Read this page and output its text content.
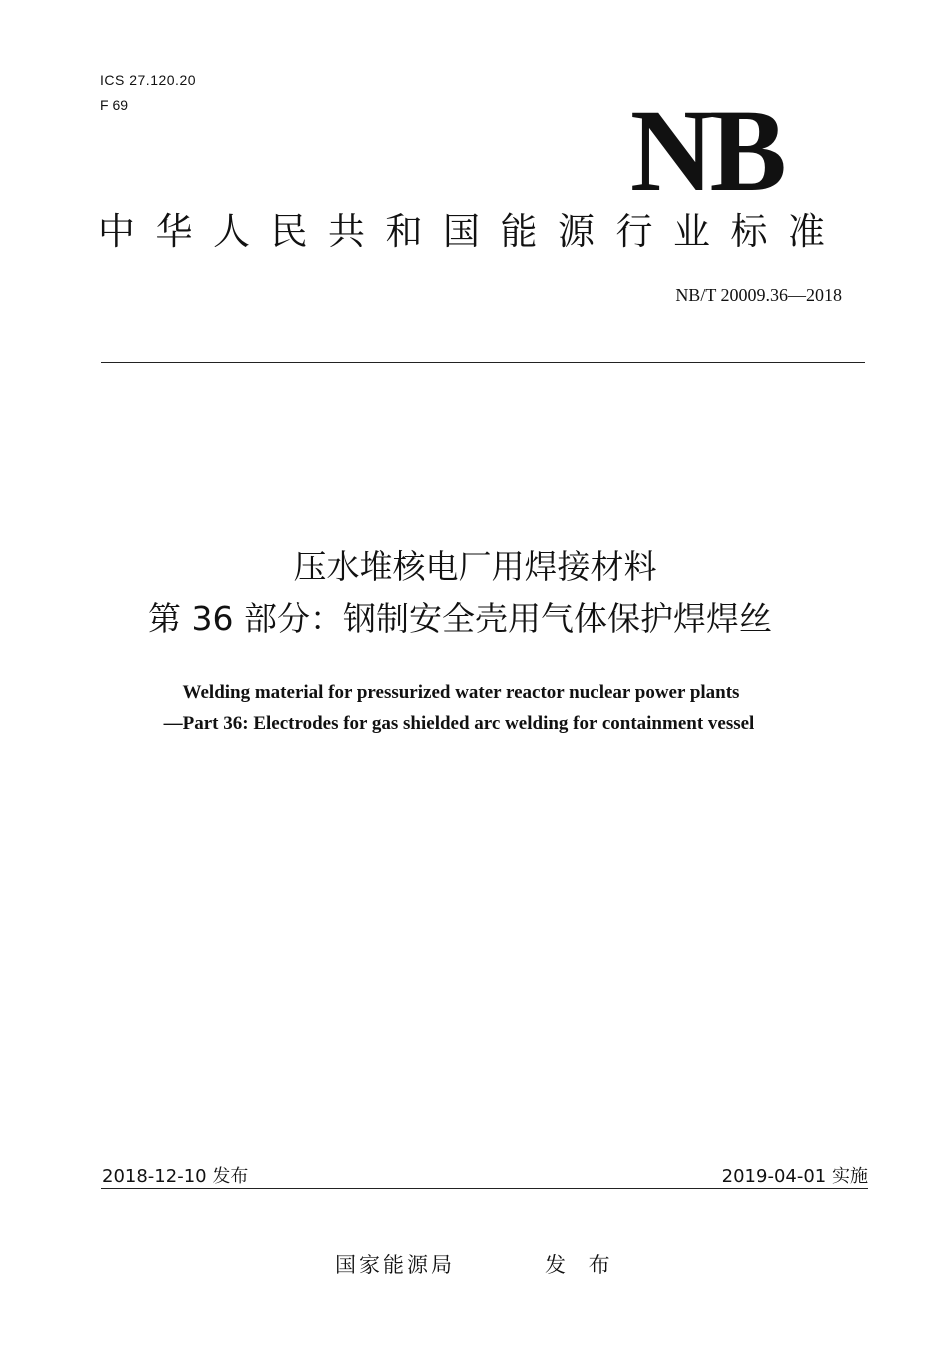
ICS 27.120.20
F 69	NB
中华人民共和国能源行业标准
NB/T 20009.36—2018
压水堆核电厂用焊接材料
第 36 部分：钢制安全壳用气体保护焊焊丝
Welding material for pressurized water reactor nuclear power plants
—Part 36: Electrodes for gas shielded arc welding for containment vessel
2018-12-10 发布	2019-04-01 实施
国家能源局	发 布
